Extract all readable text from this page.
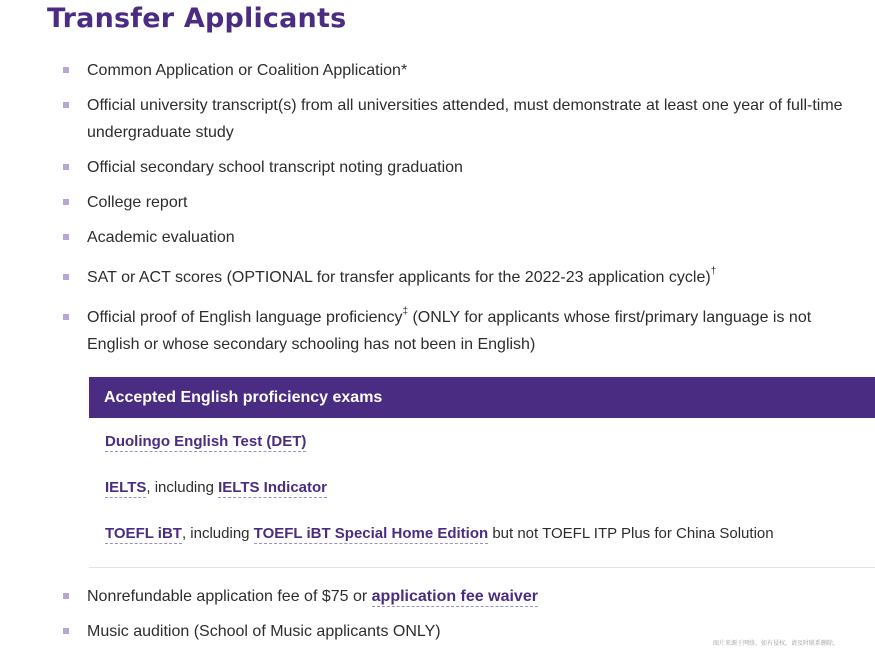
Transfer Applicants
Common Application or Coalition Application*
Official university transcript(s) from all universities attended, must demonstrate at least one year of full-time undergraduate study
Official secondary school transcript noting graduation
College report
Academic evaluation
SAT or ACT scores (OPTIONAL for transfer applicants for the 2022-23 application cycle)†
Official proof of English language proficiency‡ (ONLY for applicants whose first/primary language is not English or whose secondary schooling has not been in English)
Accepted English proficiency exams
Duolingo English Test (DET)
IELTS, including IELTS Indicator
TOEFL iBT, including TOEFL iBT Special Home Edition but not TOEFL ITP Plus for China Solution
Nonrefundable application fee of $75 or application fee waiver
Music audition (School of Music applicants ONLY)
图片来源于网络，如有侵权，请及时联系删除。
